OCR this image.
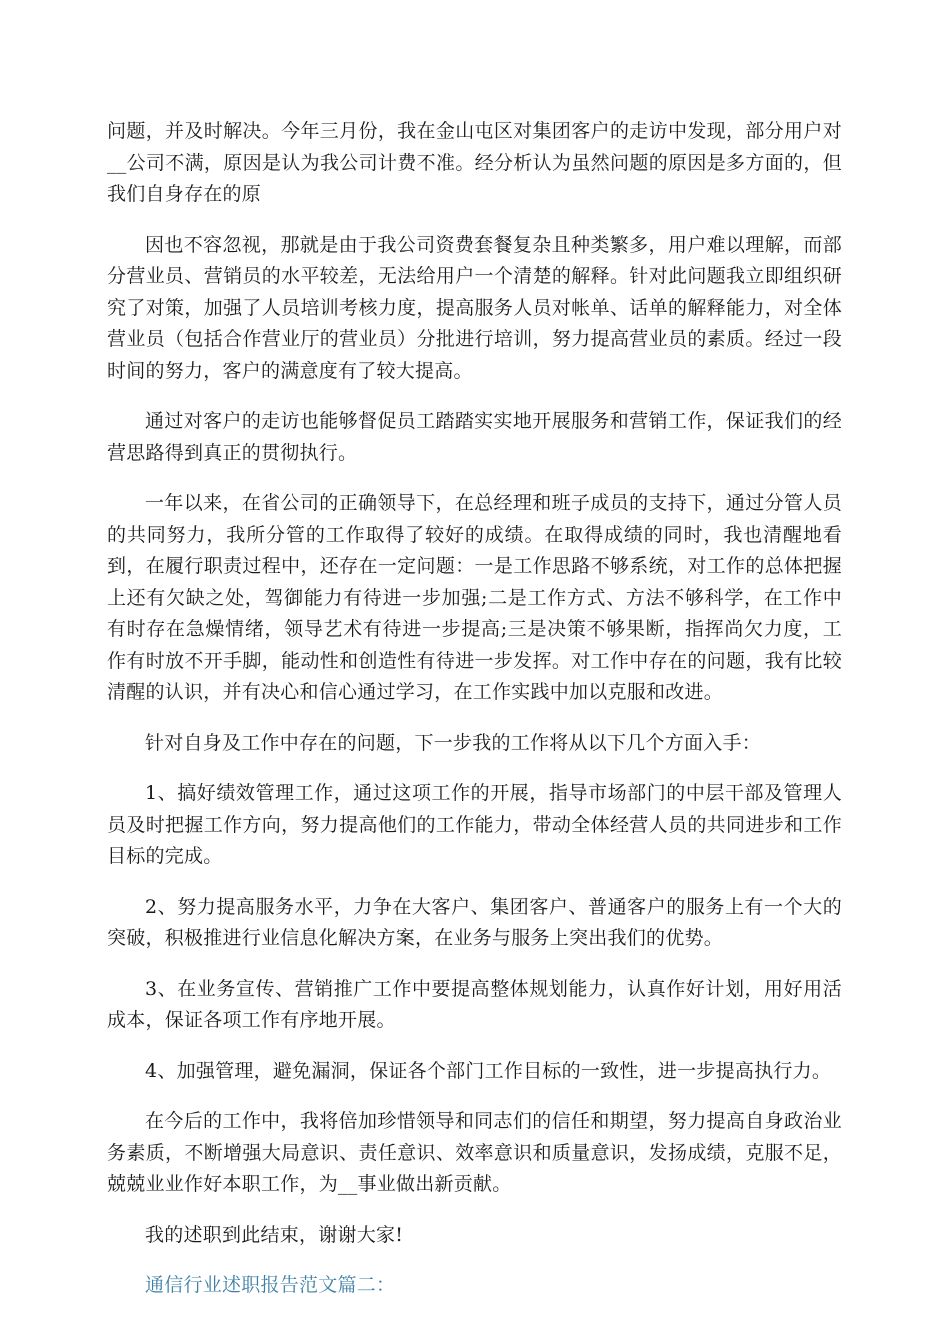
问题，并及时解决。今年三月份，我在金山屯区对集团客户的走访中发现，部分用户对__公司不满，原因是认为我公司计费不准。经分析认为虽然问题的原因是多方面的，但我们自身存在的原

因也不容忽视，那就是由于我公司资费套餐复杂且种类繁多，用户难以理解，而部分营业员、营销员的水平较差，无法给用户一个清楚的解释。针对此问题我立即组织研究了对策，加强了人员培训考核力度，提高服务人员对帐单、话单的解释能力，对全体营业员（包括合作营业厅的营业员）分批进行培训，努力提高营业员的素质。经过一段时间的努力，客户的满意度有了较大提高。

通过对客户的走访也能够督促员工踏踏实实地开展服务和营销工作，保证我们的经营思路得到真正的贯彻执行。

一年以来，在省公司的正确领导下，在总经理和班子成员的支持下，通过分管人员的共同努力，我所分管的工作取得了较好的成绩。在取得成绩的同时，我也清醒地看到，在履行职责过程中，还存在一定问题：一是工作思路不够系统，对工作的总体把握上还有欠缺之处，驾御能力有待进一步加强;二是工作方式、方法不够科学，在工作中有时存在急燥情绪，领导艺术有待进一步提高;三是决策不够果断，指挥尚欠力度，工作有时放不开手脚，能动性和创造性有待进一步发挥。对工作中存在的问题，我有比较清醒的认识，并有决心和信心通过学习，在工作实践中加以克服和改进。

针对自身及工作中存在的问题，下一步我的工作将从以下几个方面入手：

1、搞好绩效管理工作，通过这项工作的开展，指导市场部门的中层干部及管理人员及时把握工作方向，努力提高他们的工作能力，带动全体经营人员的共同进步和工作目标的完成。

2、努力提高服务水平，力争在大客户、集团客户、普通客户的服务上有一个大的突破，积极推进行业信息化解决方案，在业务与服务上突出我们的优势。

3、在业务宣传、营销推广工作中要提高整体规划能力，认真作好计划，用好用活成本，保证各项工作有序地开展。

4、加强管理，避免漏洞，保证各个部门工作目标的一致性，进一步提高执行力。

在今后的工作中，我将倍加珍惜领导和同志们的信任和期望，努力提高自身政治业务素质，不断增强大局意识、责任意识、效率意识和质量意识，发扬成绩，克服不足，兢兢业业作好本职工作，为__事业做出新贡献。

我的述职到此结束，谢谢大家!

通信行业述职报告范文篇二：
